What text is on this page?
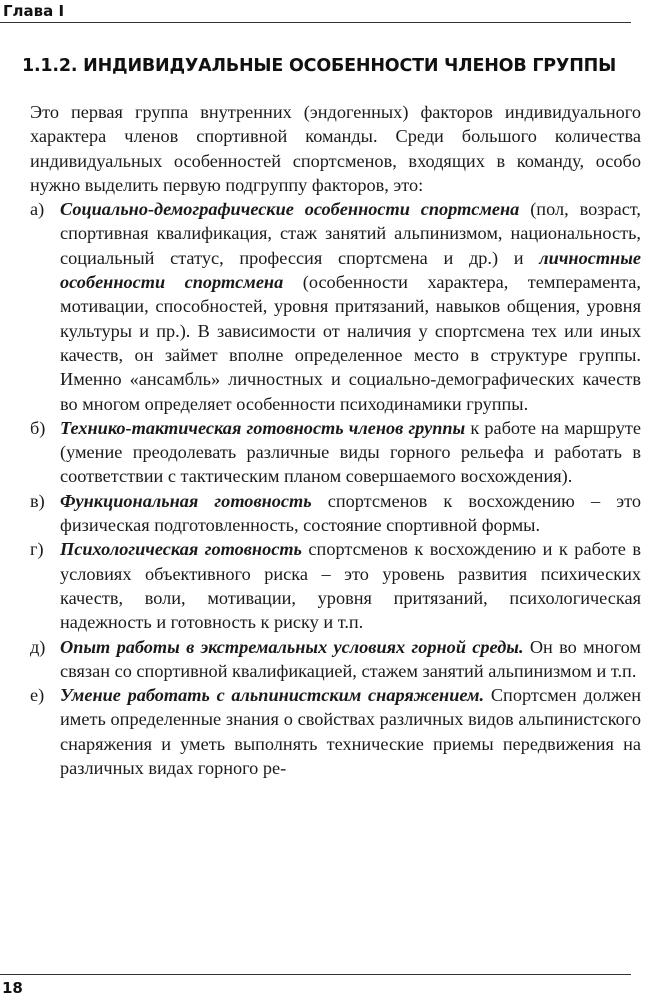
Глава I
1.1.2. ИНДИВИДУАЛЬНЫЕ ОСОБЕННОСТИ ЧЛЕНОВ ГРУППЫ

Это первая группа внутренних (эндогенных) факторов индивидуального характера членов спортивной команды. Среди большого количества индивидуальных особенностей спортсменов, входящих в команду, особо нужно выделить первую подгруппу факторов, это:

а) Социально-демографические особенности спортсмена (пол, возраст, спортивная квалификация, стаж занятий альпинизмом, национальность, социальный статус, профессия спортсмена и др.) и личностные особенности спортсмена (особенности характера, темперамента, мотивации, способностей, уровня притязаний, навыков общения, уровня культуры и пр.). В зависимости от наличия у спортсмена тех или иных качеств, он займет вполне определенное место в структуре группы. Именно «ансамбль» личностных и социально-демографических качеств во многом определяет особенности психодинамики группы.
б) Технико-тактическая готовность членов группы к работе на маршруте (умение преодолевать различные виды горного рельефа и работать в соответствии с тактическим планом совершаемого восхождения).
в) Функциональная готовность спортсменов к восхождению – это физическая подготовленность, состояние спортивной формы.
г) Психологическая готовность спортсменов к восхождению и к работе в условиях объективного риска – это уровень развития психических качеств, воли, мотивации, уровня притязаний, психологическая надежность и готовность к риску и т.п.
д) Опыт работы в экстремальных условиях горной среды. Он во многом связан со спортивной квалификацией, стажем занятий альпинизмом и т.п.
е) Умение работать с альпинистским снаряжением. Спортсмен должен иметь определенные знания о свойствах различных видов альпинистского снаряжения и уметь выполнять технические приемы передвижения на различных видах горного ре-
18
